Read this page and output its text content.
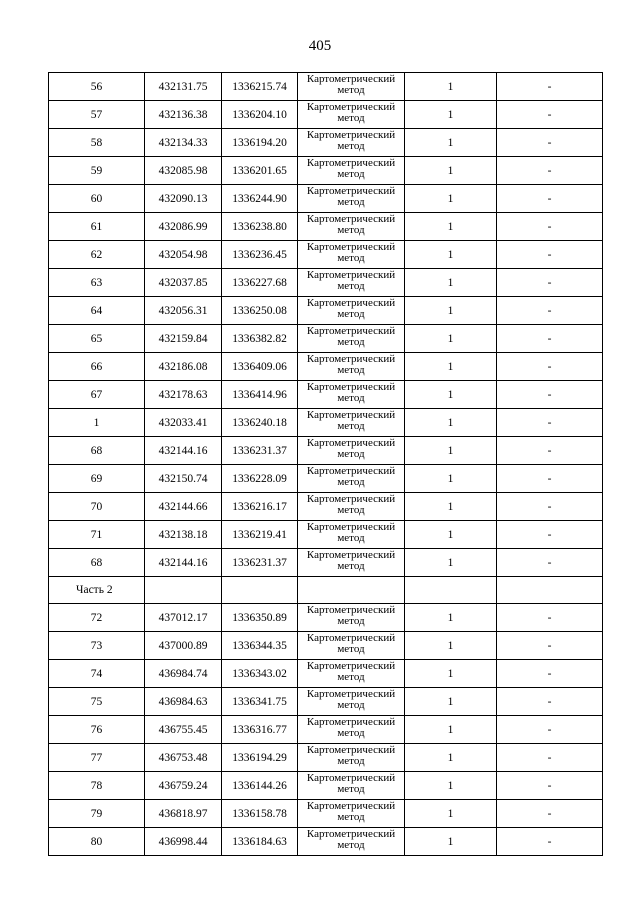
405
56	432131.75	1336215.74	Картометрический метод	1	-
57	432136.38	1336204.10	Картометрический метод	1	-
58	432134.33	1336194.20	Картометрический метод	1	-
59	432085.98	1336201.65	Картометрический метод	1	-
60	432090.13	1336244.90	Картометрический метод	1	-
61	432086.99	1336238.80	Картометрический метод	1	-
62	432054.98	1336236.45	Картометрический метод	1	-
63	432037.85	1336227.68	Картометрический метод	1	-
64	432056.31	1336250.08	Картометрический метод	1	-
65	432159.84	1336382.82	Картометрический метод	1	-
66	432186.08	1336409.06	Картометрический метод	1	-
67	432178.63	1336414.96	Картометрический метод	1	-
1	432033.41	1336240.18	Картометрический метод	1	-
68	432144.16	1336231.37	Картометрический метод	1	-
69	432150.74	1336228.09	Картометрический метод	1	-
70	432144.66	1336216.17	Картометрический метод	1	-
71	432138.18	1336219.41	Картометрический метод	1	-
68	432144.16	1336231.37	Картометрический метод	1	-
Часть 2					
72	437012.17	1336350.89	Картометрический метод	1	-
73	437000.89	1336344.35	Картометрический метод	1	-
74	436984.74	1336343.02	Картометрический метод	1	-
75	436984.63	1336341.75	Картометрический метод	1	-
76	436755.45	1336316.77	Картометрический метод	1	-
77	436753.48	1336194.29	Картометрический метод	1	-
78	436759.24	1336144.26	Картометрический метод	1	-
79	436818.97	1336158.78	Картометрический метод	1	-
80	436998.44	1336184.63	Картометрический метод	1	-
